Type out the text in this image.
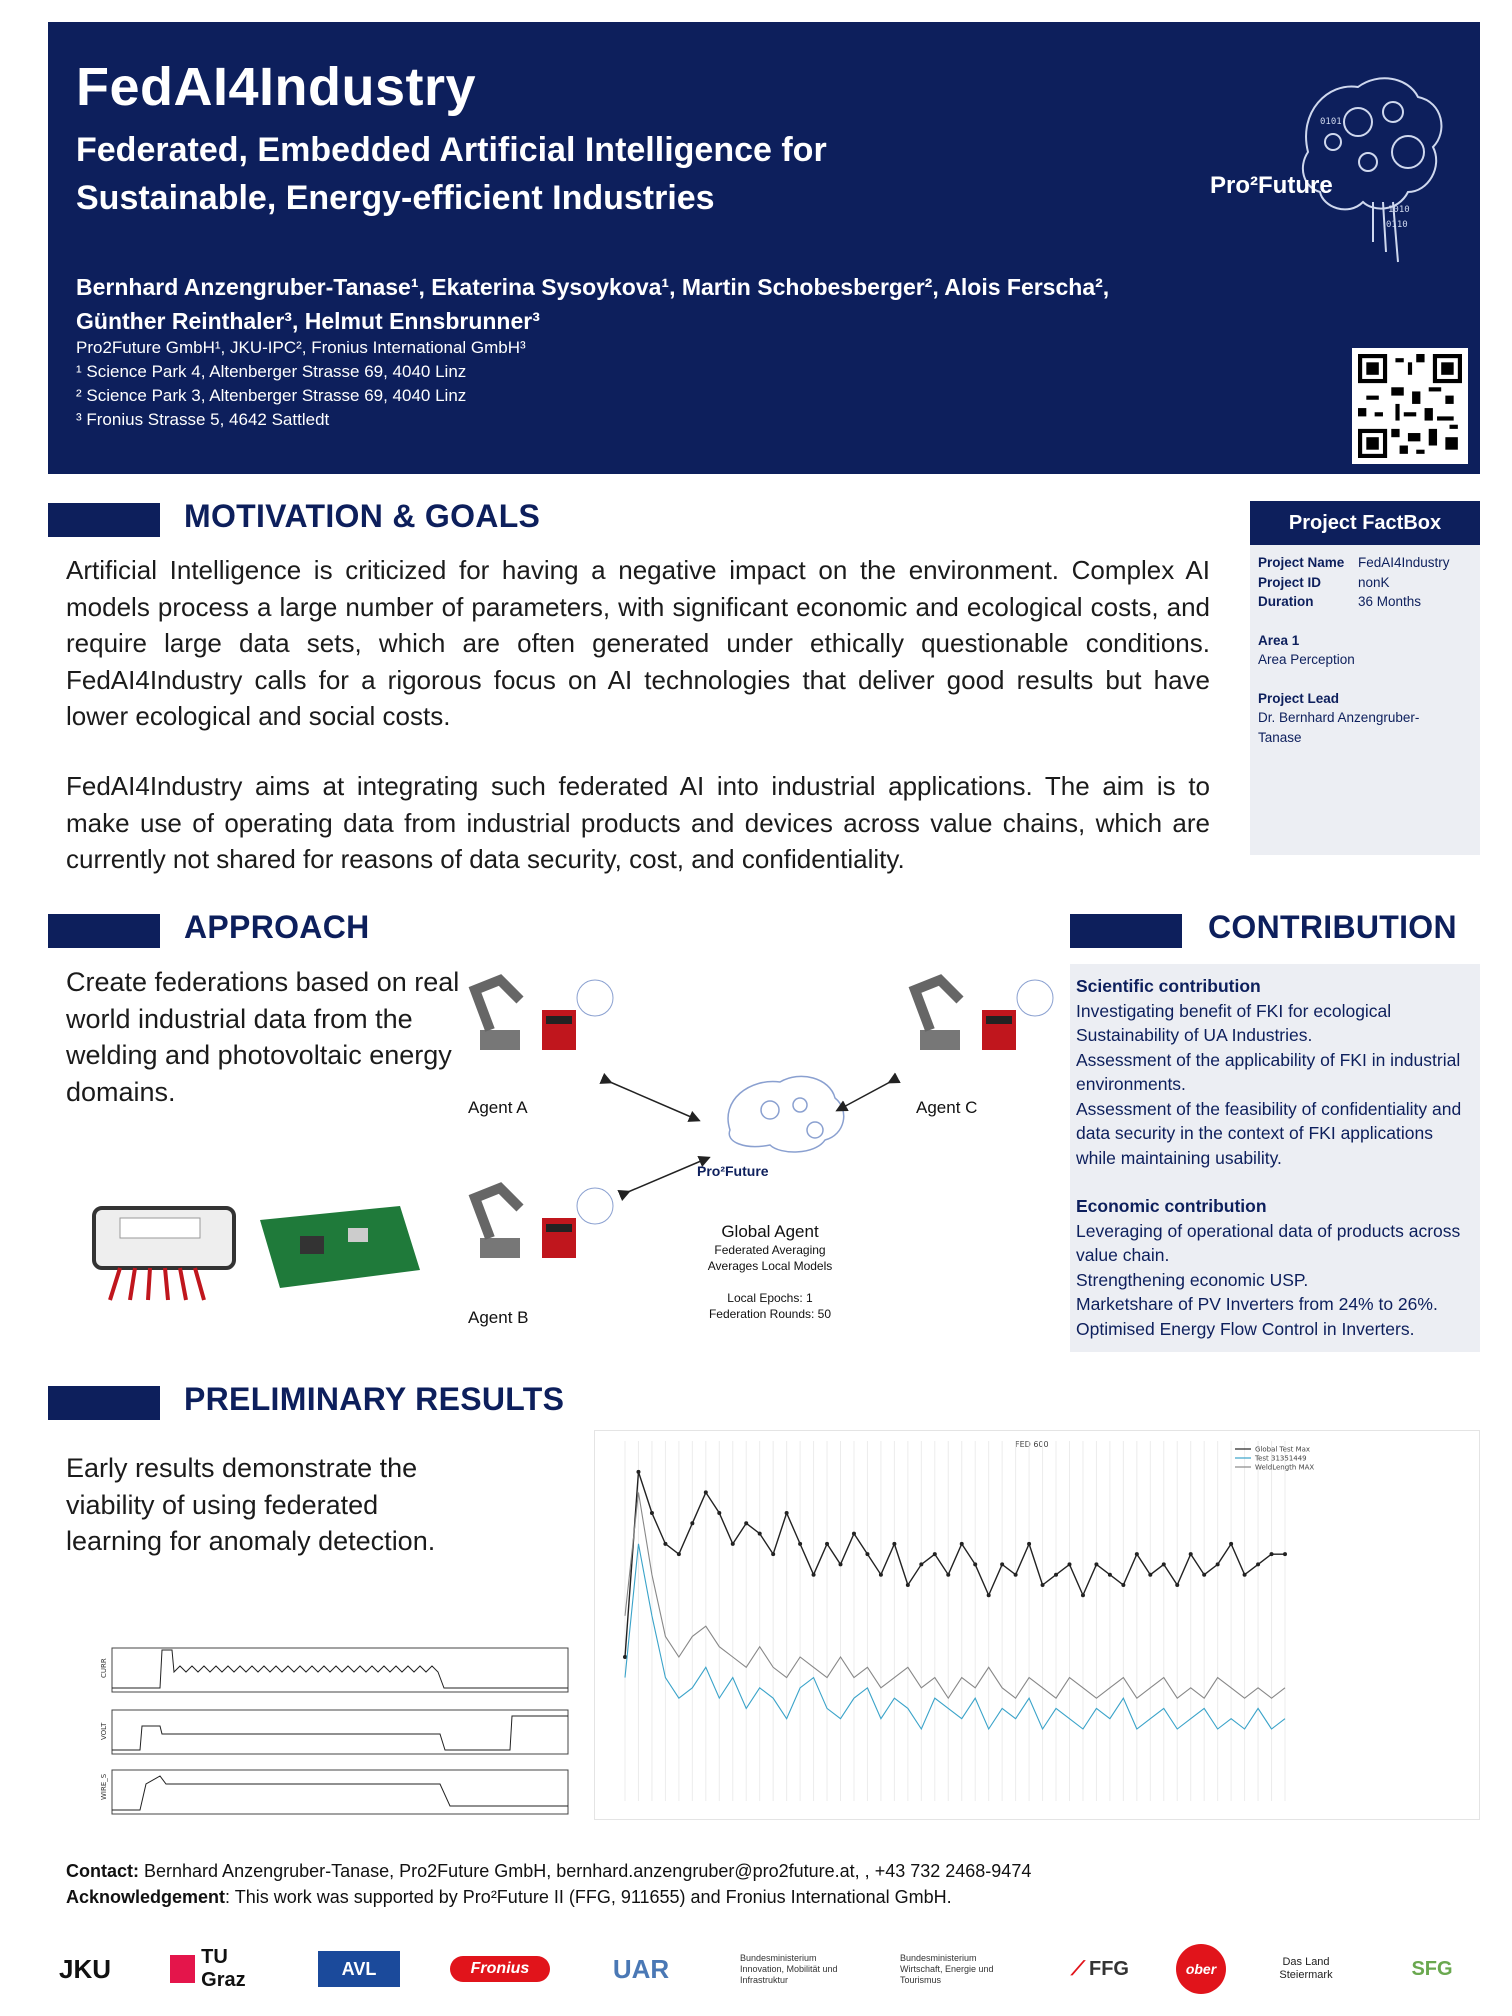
FedAI4Industry
Federated, Embedded Artificial Intelligence for
Sustainable, Energy-efficient Industries
Bernhard Anzengruber-Tanase¹, Ekaterina Sysoykova¹, Martin Schobesberger², Alois Ferscha²,
Günther Reinthaler³, Helmut Ennsbrunner³
Pro2Future GmbH¹, JKU-IPC², Fronius International GmbH³
¹ Science Park 4, Altenberger Strasse 69, 4040 Linz
² Science Park 3, Altenberger Strasse 69, 4040 Linz
³ Fronius Strasse 5, 4642 Sattledt
0101
1010
0110
Pro²Future
MOTIVATION & GOALS
Artificial Intelligence is criticized for having a negative impact on the environment. Complex AI models process a large number of parameters, with significant economic and ecological costs, and require large data sets, which are often generated under ethically questionable conditions. FedAI4Industry calls for a rigorous focus on AI technologies that deliver good results but have lower ecological and social costs.
FedAI4Industry aims at integrating such federated AI into industrial applications. The aim is to make use of operating data from industrial products and devices across value chains, which are currently not shared for reasons of data security, cost, and confidentiality.
Project FactBox
Project Name	FedAI4Industry
Project ID	nonK
Duration	36 Months
Area 1
Area Perception
Project Lead
Dr. Bernhard Anzengruber-Tanase
APPROACH
Create federations based on real world industrial data from the welding and photovoltaic energy domains.
Agent A	Agent C
Agent B
Pro²Future
Global Agent
Federated Averaging
Averages Local Models
Local Epochs: 1
Federation Rounds: 50
CONTRIBUTION
Scientific contribution
Investigating benefit of FKI for ecological Sustainability of UA Industries.
Assessment of the applicability of FKI in industrial environments.
Assessment of the feasibility of confidentiality and data security in the context of FKI applications while maintaining usability.
Economic contribution
Leveraging of operational data of products across value chain.
Strengthening economic USP.
Marketshare of PV Inverters from 24% to 26%.
Optimised Energy Flow Control in Inverters.
PRELIMINARY RESULTS
Early results demonstrate the viability of using federated learning for anomaly detection.
CURR
VOLT
WIRE_S
FED 600
Global Test Max
Test 31351449
WeldLength MAX
Contact: Bernhard Anzengruber-Tanase, Pro2Future GmbH, bernhard.anzengruber@pro2future.at, , +43 732 2468-9474
Acknowledgement: This work was supported by Pro²Future II (FFG, 911655) and Fronius International GmbH.
JKU	TU Graz
AVL	Fronius	UAR	Bundesministerium Innovation, Mobilität und Infrastruktur
Bundesministerium Wirtschaft, Energie und Tourismus	⟋ FFG	ober	Das Land Steiermark	SFG
